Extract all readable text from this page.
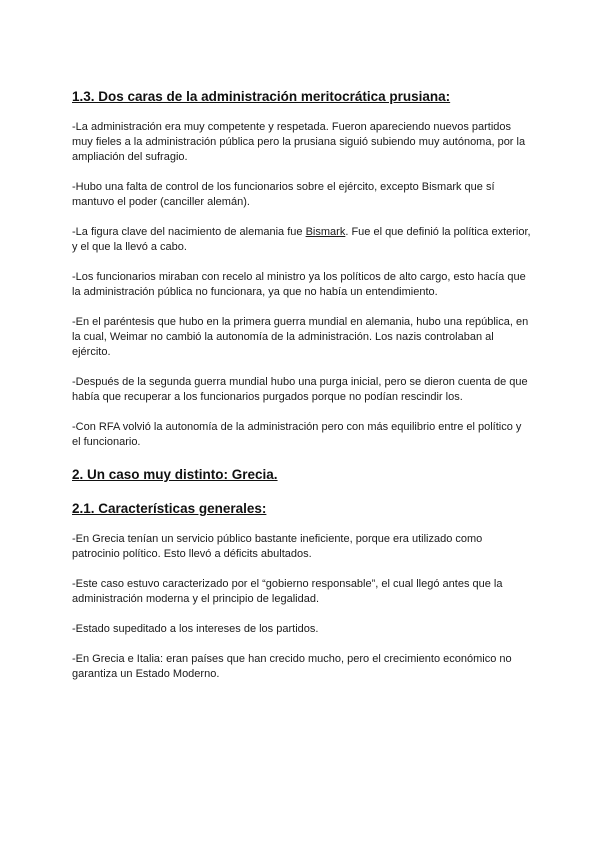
1.3. Dos caras de la administración meritocrática prusiana:

-La administración era muy competente y respetada. Fueron apareciendo nuevos partidos muy fieles a la administración pública pero la prusiana siguió subiendo muy autónoma, por la ampliación del sufragio.

-Hubo una falta de control de los funcionarios sobre el ejército, excepto Bismark que sí mantuvo el poder (canciller alemán).

-La figura clave del nacimiento de alemania fue Bismark. Fue el que definió la política exterior, y el que la llevó a cabo.

-Los funcionarios miraban con recelo al ministro ya los políticos de alto cargo, esto hacía que la administración pública no funcionara, ya que no había un entendimiento.

-En el paréntesis que hubo en la primera guerra mundial en alemania, hubo una república, en la cual, Weimar no cambió la autonomía de la administración. Los nazis controlaban al ejército.

-Después de la segunda guerra mundial hubo una purga inicial, pero se dieron cuenta de que había que recuperar a los funcionarios purgados porque no podían rescindir los.

-Con RFA volvió la autonomía de la administración pero con más equilibrio entre el político y el funcionario.

2. Un caso muy distinto: Grecia.
2.1. Características generales:

-En Grecia tenían un servicio público bastante ineficiente, porque era utilizado como patrocinio político. Esto llevó a déficits abultados.

-Este caso estuvo caracterizado por el “gobierno responsable”, el cual llegó antes que la administración moderna y el principio de legalidad.

-Estado supeditado a los intereses de los partidos.

-En Grecia e Italia: eran países que han crecido mucho, pero el crecimiento económico no garantiza un Estado Moderno.
